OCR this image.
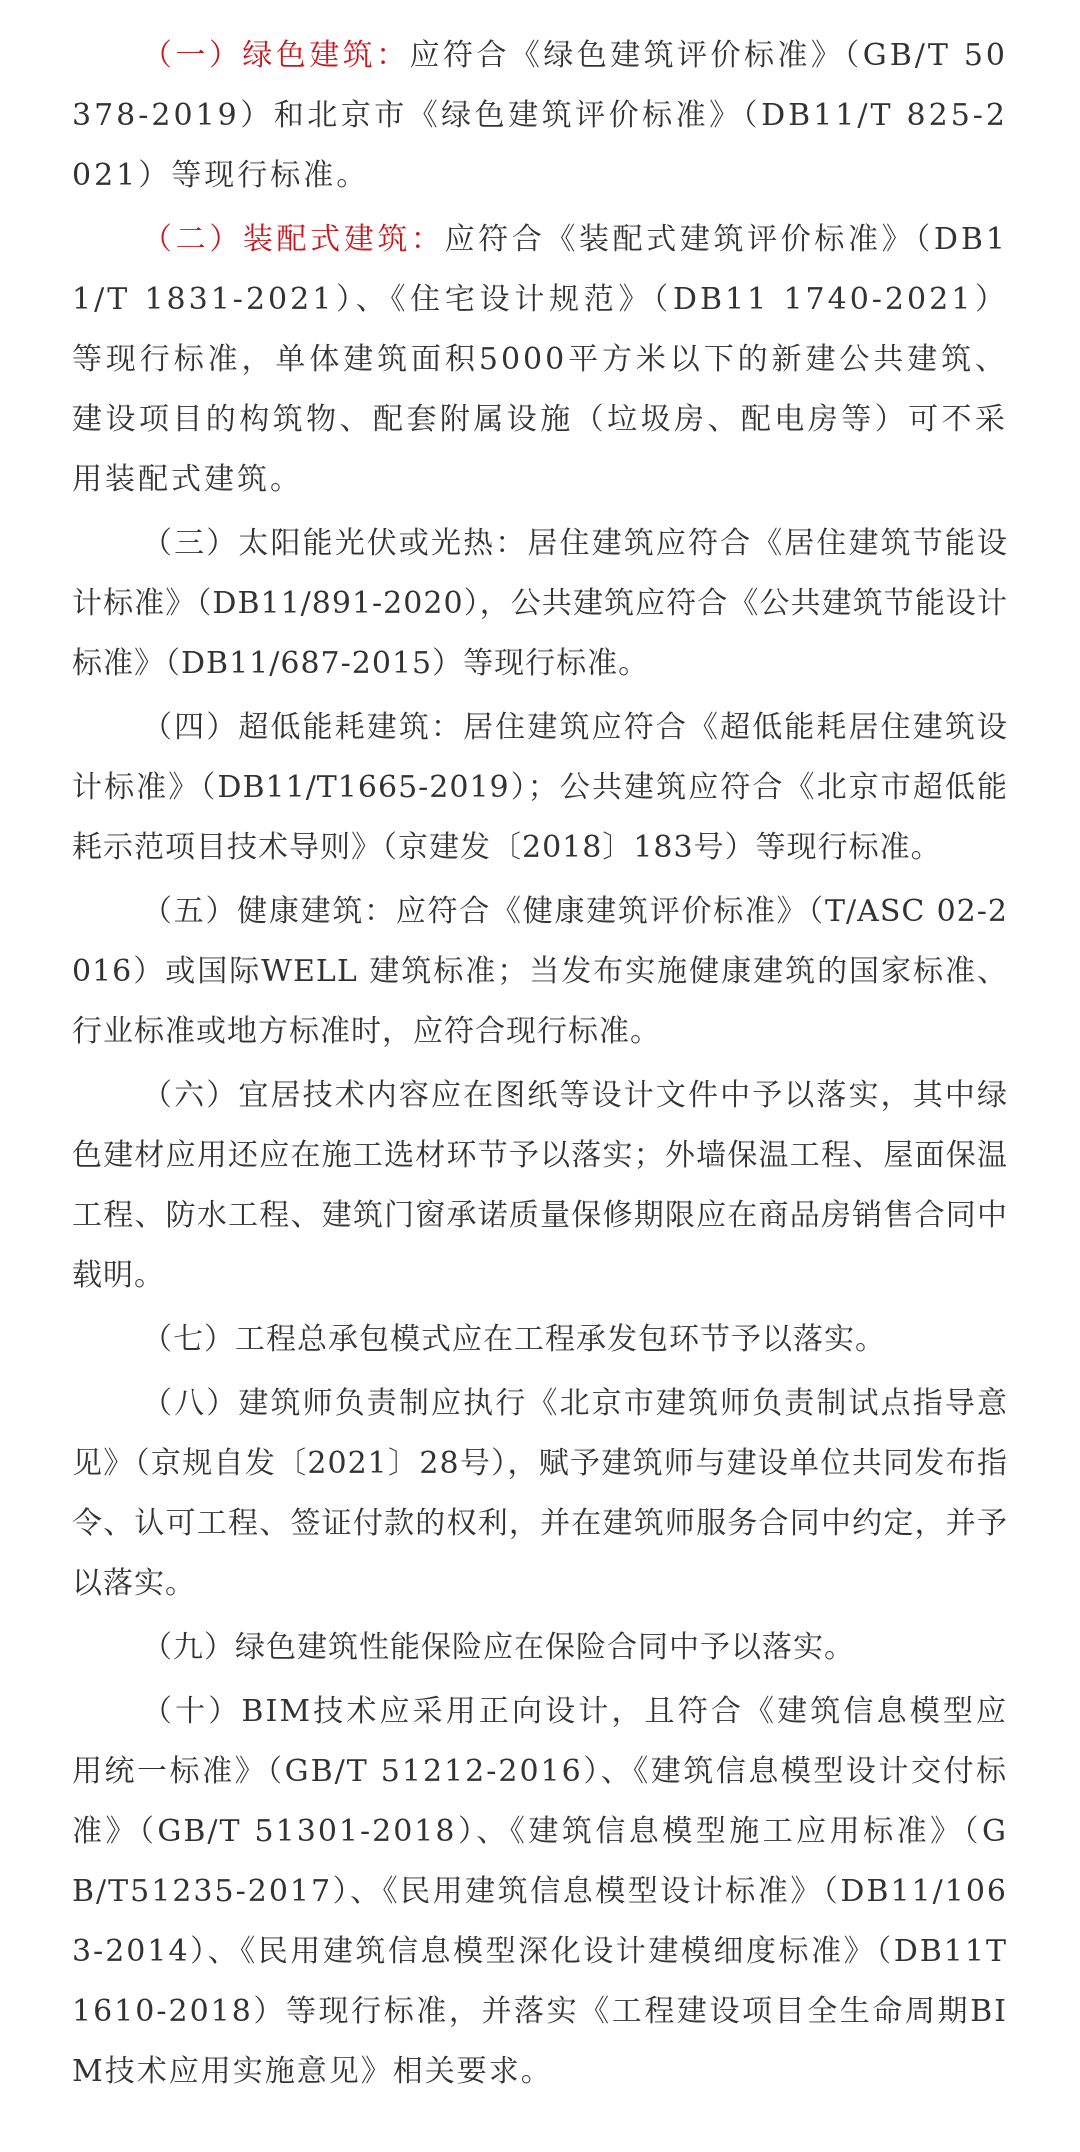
（一）绿色建筑：应符合《绿色建筑评价标准》（GB/T 50378-2019）和北京市《绿色建筑评价标准》（DB11/T 825-2021）等现行标准。

（二）装配式建筑：应符合《装配式建筑评价标准》（DB11/T 1831-2021）、《住宅设计规范》（DB11 1740-2021）等现行标准，单体建筑面积5000平方米以下的新建公共建筑、建设项目的构筑物、配套附属设施（垃圾房、配电房等）可不采用装配式建筑。

（三）太阳能光伏或光热：居住建筑应符合《居住建筑节能设计标准》（DB11/891-2020），公共建筑应符合《公共建筑节能设计标准》（DB11/687-2015）等现行标准。

（四）超低能耗建筑：居住建筑应符合《超低能耗居住建筑设计标准》（DB11/T1665-2019）；公共建筑应符合《北京市超低能耗示范项目技术导则》（京建发〔2018〕183号）等现行标准。

（五）健康建筑：应符合《健康建筑评价标准》（T/ASC 02-2016）或国际WELL 建筑标准；当发布实施健康建筑的国家标准、行业标准或地方标准时，应符合现行标准。

（六）宜居技术内容应在图纸等设计文件中予以落实，其中绿色建材应用还应在施工选材环节予以落实；外墙保温工程、屋面保温工程、防水工程、建筑门窗承诺质量保修期限应在商品房销售合同中载明。

（七）工程总承包模式应在工程承发包环节予以落实。

（八）建筑师负责制应执行《北京市建筑师负责制试点指导意见》（京规自发〔2021〕28号），赋予建筑师与建设单位共同发布指令、认可工程、签证付款的权利，并在建筑师服务合同中约定，并予以落实。

（九）绿色建筑性能保险应在保险合同中予以落实。

（十）BIM技术应采用正向设计，且符合《建筑信息模型应用统一标准》（GB/T 51212-2016）、《建筑信息模型设计交付标准》（GB/T 51301-2018）、《建筑信息模型施工应用标准》（GB/T51235-2017）、《民用建筑信息模型设计标准》（DB11/1063-2014）、《民用建筑信息模型深化设计建模细度标准》（DB11T1610-2018）等现行标准，并落实《工程建设项目全生命周期BIM技术应用实施意见》相关要求。
